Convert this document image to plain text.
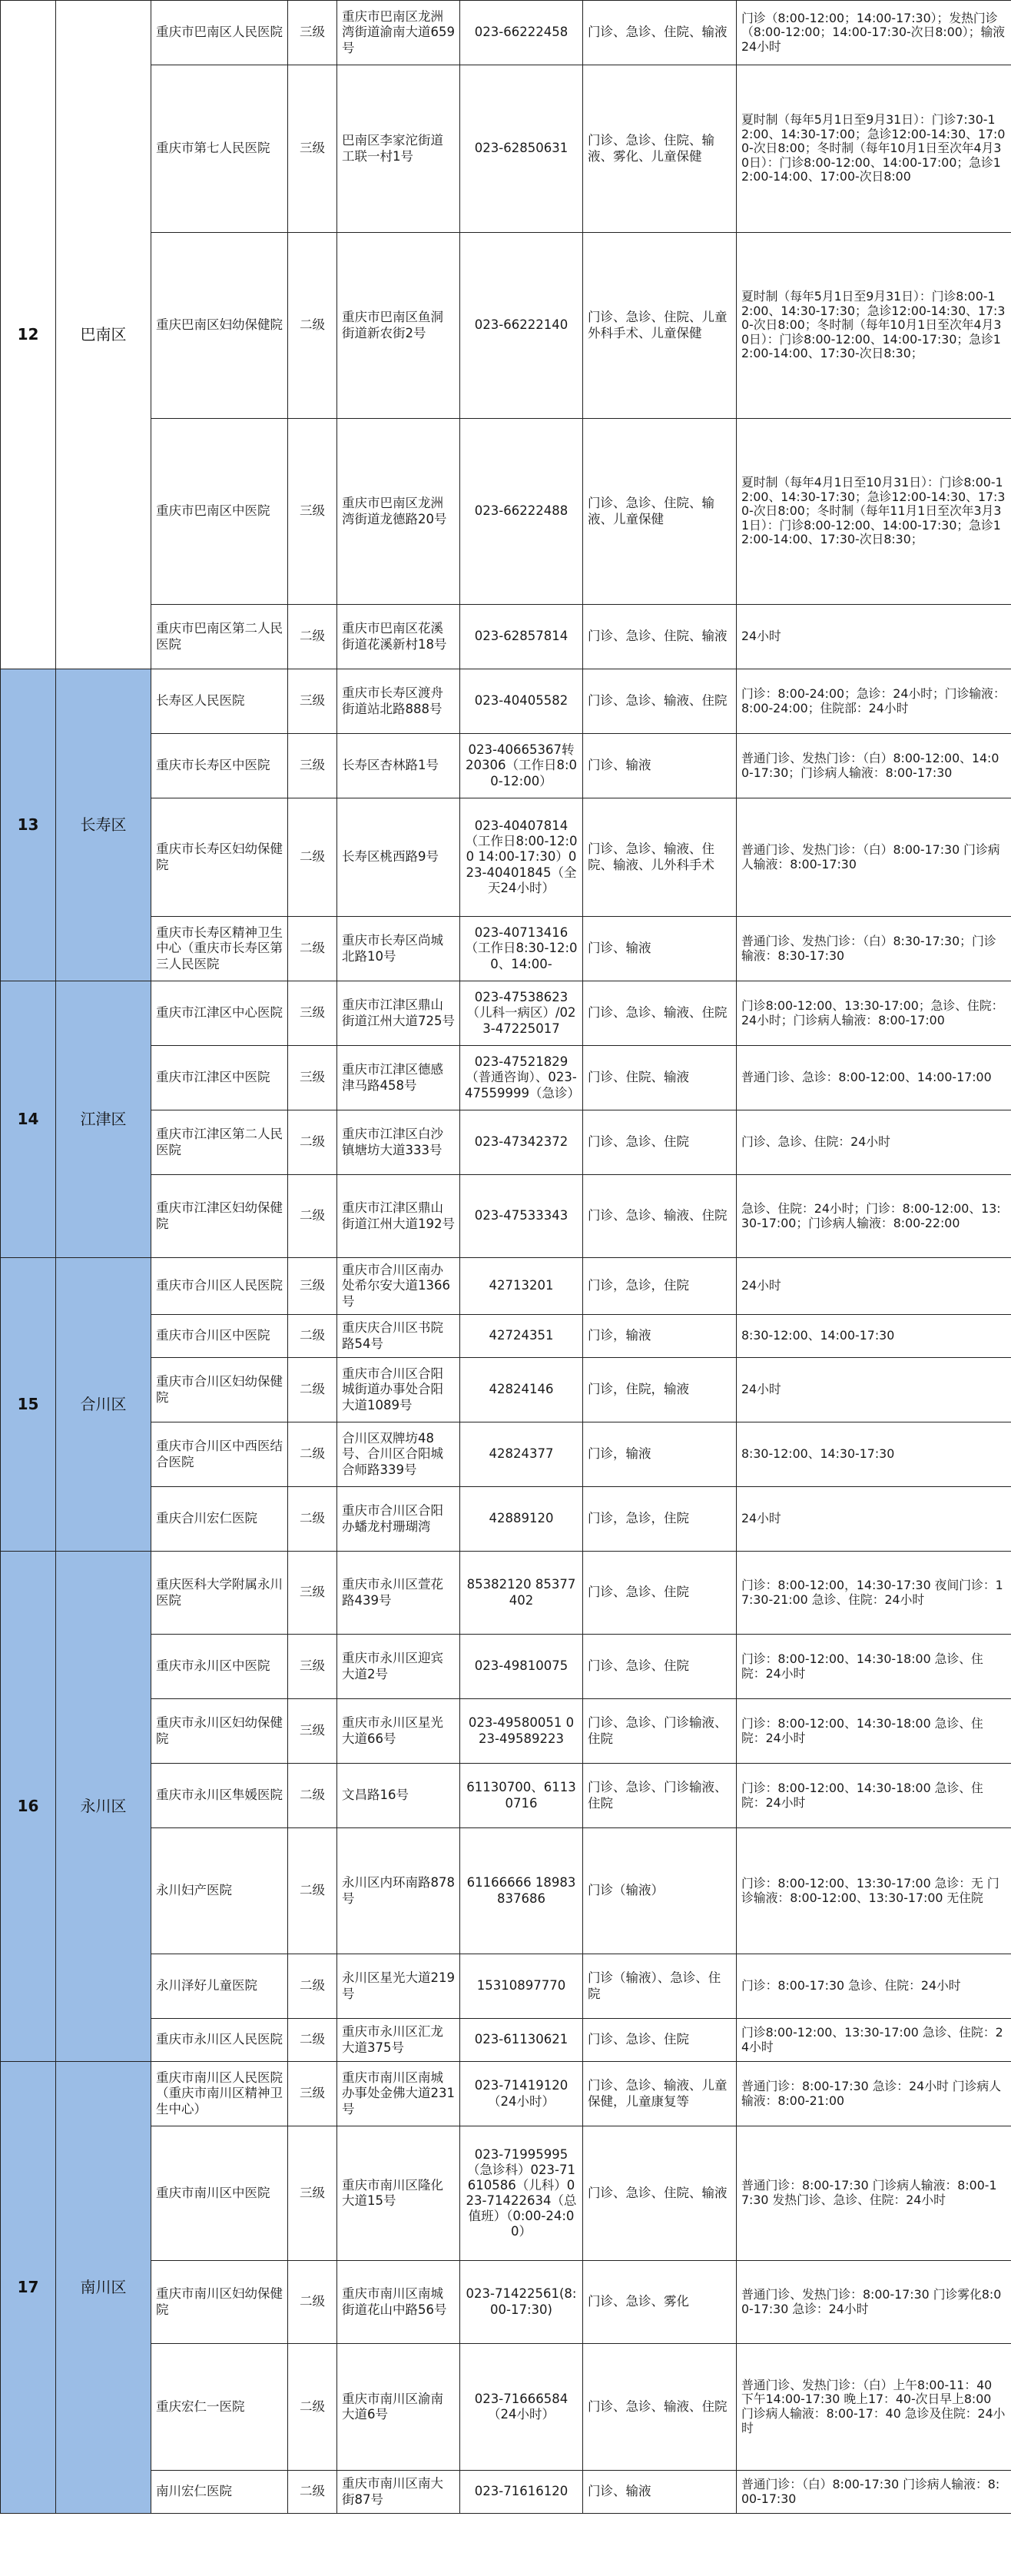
12	巴南区	重庆市巴南区人民医院	三级	重庆市巴南区龙洲湾街道渝南大道659号	023-66222458	门诊、急诊、住院、输液	门诊（8:00-12:00；14:00-17:30）；发热门诊（8:00-12:00；14:00-17:30-次日8:00）；输液 24小时
		重庆市第七人民医院	三级	巴南区李家沱街道工联一村1号	023-62850631	门诊、急诊、住院、输液、雾化、儿童保健	夏时制（每年5月1日至9月31日）：门诊7:30-12:00、14:30-17:00；急诊12:00-14:30、17:00-次日8:00；冬时制（每年10月1日至次年4月30日）：门诊8:00-12:00、14:00-17:00；急诊12:00-14:00、17:00-次日8:00
		重庆巴南区妇幼保健院	二级	重庆市巴南区鱼洞街道新农街2号	023-66222140	门诊、急诊、住院、儿童外科手术、儿童保健	夏时制（每年5月1日至9月31日）：门诊8:00-12:00、14:30-17:30；急诊12:00-14:30、17:30-次日8:00；冬时制（每年10月1日至次年4月30日）：门诊8:00-12:00、14:00-17:30；急诊12:00-14:00、17:30-次日8:30；
		重庆市巴南区中医院	三级	重庆市巴南区龙洲湾街道龙德路20号	023-66222488	门诊、急诊、住院、输液、儿童保健	夏时制（每年4月1日至10月31日）：门诊8:00-12:00、14:30-17:30；急诊12:00-14:30、17:30-次日8:00；冬时制（每年11月1日至次年3月31日）：门诊8:00-12:00、14:00-17:30；急诊12:00-14:00、17:30-次日8:30；
		重庆市巴南区第二人民医院	二级	重庆市巴南区花溪街道花溪新村18号	023-62857814	门诊、急诊、住院、输液	24小时
13	长寿区	长寿区人民医院	三级	重庆市长寿区渡舟街道站北路888号	023-40405582	门诊、急诊、输液、住院	门诊：8:00-24:00；急诊：24小时；门诊输液：8:00-24:00；住院部：24小时
		重庆市长寿区中医院	三级	长寿区杏林路1号	023-40665367转20306（工作日8:00-12:00）	门诊、输液	普通门诊、发热门诊：（白）8:00-12:00、14:00-17:30；门诊病人输液：8:00-17:30
		重庆市长寿区妇幼保健院	二级	长寿区桃西路9号	023-40407814（工作日8:00-12:00 14:00-17:30）023-40401845（全天24小时）	门诊、急诊、输液、住院、输液、儿外科手术	普通门诊、发热门诊：（白）8:00-17:30 门诊病人输液：8:00-17:30
		重庆市长寿区精神卫生中心（重庆市长寿区第三人民医院	二级	重庆市长寿区尚城北路10号	023-40713416（工作日8:30-12:00、14:00-	门诊、输液	普通门诊、发热门诊：（白）8:30-17:30；门诊输液：8:30-17:30
14	江津区	重庆市江津区中心医院	三级	重庆市江津区鼎山街道江州大道725号	023-47538623（儿科一病区）/023-47225017	门诊、急诊、输液、住院	门诊8:00-12:00、13:30-17:00；急诊、住院：24小时；门诊病人输液：8:00-17:00
		重庆市江津区中医院	三级	重庆市江津区德感津马路458号	023-47521829（普通咨询）、023-47559999（急诊）	门诊、住院、输液	普通门诊、急诊：8:00-12:00、14:00-17:00
		重庆市江津区第二人民医院	二级	重庆市江津区白沙镇塘坊大道333号	023-47342372	门诊、急诊、住院	门诊、急诊、住院：24小时
		重庆市江津区妇幼保健院	二级	重庆市江津区鼎山街道江州大道192号	023-47533343	门诊、急诊、输液、住院	急诊、住院：24小时；门诊：8:00-12:00、13:30-17:00；门诊病人输液：8:00-22:00
15	合川区	重庆市合川区人民医院	三级	重庆市合川区南办处希尔安大道1366号	42713201	门诊，急诊，住院	24小时
		重庆市合川区中医院	二级	重庆庆合川区书院路54号	42724351	门诊，输液	8:30-12:00、14:00-17:30
		重庆市合川区妇幼保健院	二级	重庆市合川区合阳城街道办事处合阳大道1089号	42824146	门诊，住院，输液	24小时
		重庆市合川区中西医结合医院	二级	合川区双牌坊48号、合川区合阳城合师路339号	42824377	门诊，输液	8:30-12:00、14:30-17:30
		重庆合川宏仁医院	二级	重庆市合川区合阳办蟠龙村珊瑚湾	42889120	门诊，急诊，住院	24小时
16	永川区	重庆医科大学附属永川医院	三级	重庆市永川区萱花路439号	85382120 85377402	门诊、急诊、住院	门诊：8:00-12:00，14:30-17:30 夜间门诊：17:30-21:00 急诊、住院：24小时
		重庆市永川区中医院	三级	重庆市永川区迎宾大道2号	023-49810075	门诊、急诊、住院	门诊：8:00-12:00、14:30-18:00 急诊、住院：24小时
		重庆市永川区妇幼保健院	三级	重庆市永川区星光大道66号	023-49580051 023-49589223	门诊、急诊、门诊输液、住院	门诊：8:00-12:00、14:30-18:00 急诊、住院：24小时
		重庆市永川区隼媛医院	二级	文昌路16号	61130700、61130716	门诊、急诊、门诊输液、住院	门诊：8:00-12:00、14:30-18:00 急诊、住院：24小时
		永川妇产医院	二级	永川区内环南路878号	61166666 18983837686	门诊（输液）	门诊：8:00-12:00、13:30-17:00 急诊：无 门诊输液：8:00-12:00、13:30-17:00 无住院
		永川泽好儿童医院	二级	永川区星光大道219号	15310897770	门诊（输液）、急诊、住院	门诊：8:00-17:30 急诊、住院：24小时
		重庆市永川区人民医院	二级	重庆市永川区汇龙大道375号	023-61130621	门诊、急诊、住院	门诊8:00-12:00、13:30-17:00 急诊、住院：24小时
17	南川区	重庆市南川区人民医院（重庆市南川区精神卫生中心）	三级	重庆市南川区南城办事处金佛大道231号	023-71419120（24小时）	门诊、急诊、输液、儿童保健，儿童康复等	普通门诊：8:00-17:30 急诊：24小时 门诊病人输液：8:00-21:00
		重庆市南川区中医院	三级	重庆市南川区隆化大道15号	023-71995995（急诊科）023-71610586（儿科）023-71422634（总值班）（0:00-24:00）	门诊、急诊、住院、输液	普通门诊：8:00-17:30 门诊病人输液：8:00-17:30 发热门诊、急诊、住院：24小时
		重庆市南川区妇幼保健院	二级	重庆市南川区南城街道花山中路56号	023-71422561(8:00-17:30)	门诊、急诊、雾化	普通门诊、发热门诊：8:00-17:30 门诊雾化8:00-17:30 急诊：24小时
		重庆宏仁一医院	二级	重庆市南川区渝南大道6号	023-71666584（24小时）	门诊、急诊、输液、住院	普通门诊、发热门诊：（白）上午8:00-11：40 下午14:00-17:30 晚上17：40-次日早上8:00 门诊病人输液：8:00-17：40 急诊及住院：24小时
		南川宏仁医院	二级	重庆市南川区南大街87号	023-71616120	门诊、输液	普通门诊：（白）8:00-17:30 门诊病人输液：8:00-17:30
